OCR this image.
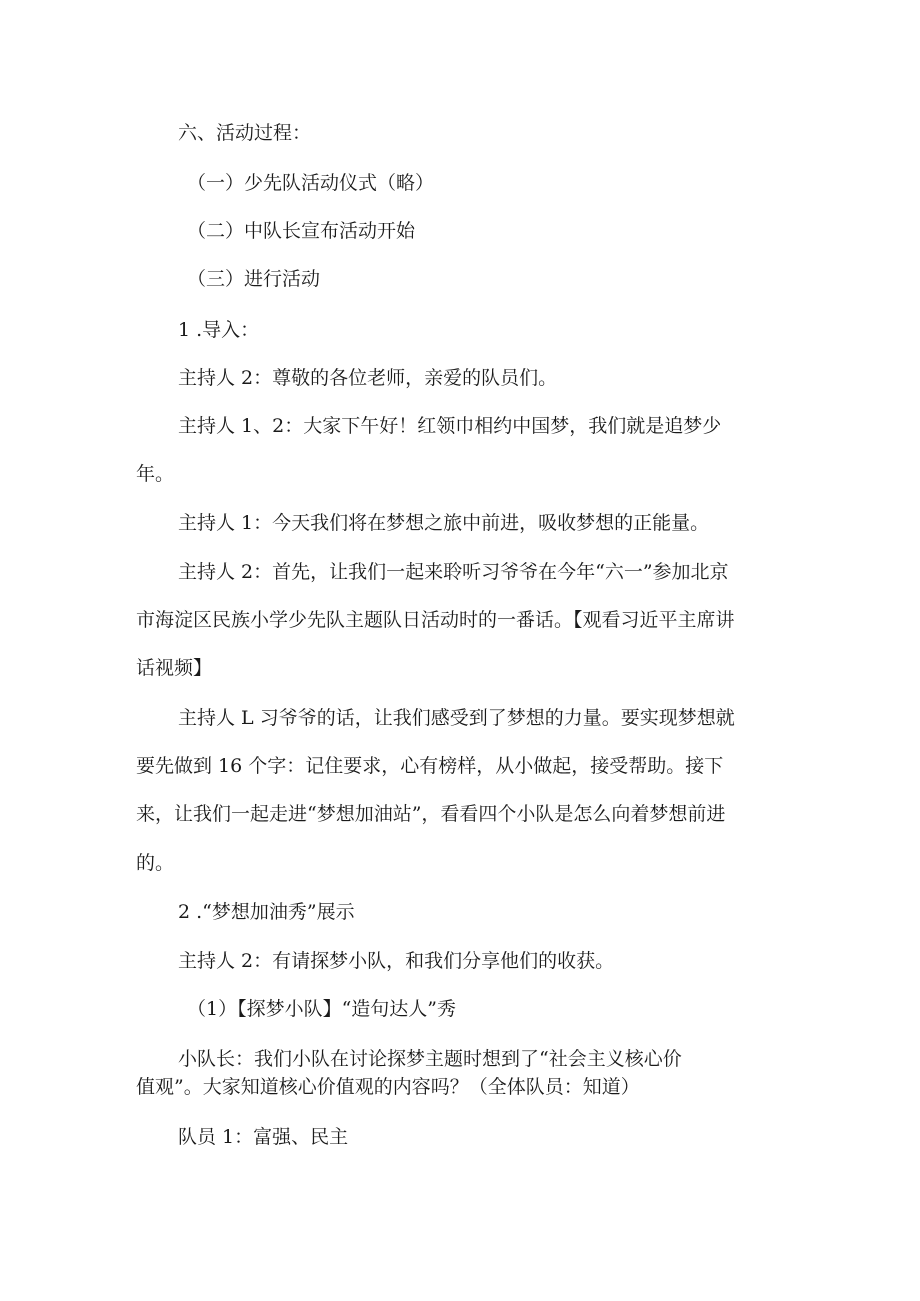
六、活动过程：
（一）少先队活动仪式（略）
（二）中队长宣布活动开始
（三）进行活动
1 .导入：
主持人 2：尊敬的各位老师，亲爱的队员们。
主持人 1、2：大家下午好！红领巾相约中国梦，我们就是追梦少
年。
主持人 1：今天我们将在梦想之旅中前进，吸收梦想的正能量。
主持人 2：首先，让我们一起来聆听习爷爷在今年“六一”参加北京
市海淀区民族小学少先队主题队日活动时的一番话。【观看习近平主席讲
话视频】
主持人 L 习爷爷的话，让我们感受到了梦想的力量。要实现梦想就
要先做到 16 个字：记住要求，心有榜样，从小做起，接受帮助。接下
来，让我们一起走进“梦想加油站”，看看四个小队是怎么向着梦想前进
的。
2 .“梦想加油秀”展示
主持人 2：有请探梦小队，和我们分享他们的收获。
（1）【探梦小队】“造句达人”秀
小队长：我们小队在讨论探梦主题时想到了“社会主义核心价
值观”。大家知道核心价值观的内容吗？（全体队员：知道）
队员 1：富强、民主
